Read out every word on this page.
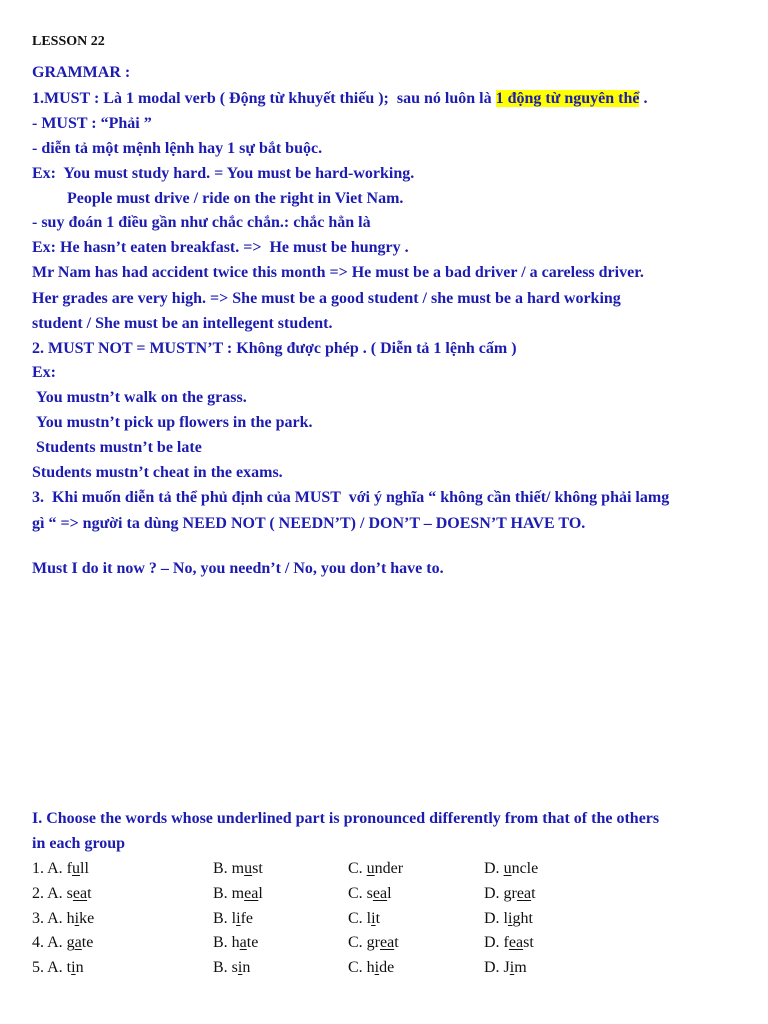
LESSON 22
GRAMMAR :
1.MUST : Là 1 modal verb ( Động từ khuyết thiếu );  sau nó luôn là 1 động từ nguyên thể .
- MUST : “Phải ”
- diễn tả một mệnh lệnh hay 1 sự bắt buộc.
Ex:  You must study hard. = You must be hard-working.
People must drive / ride on the right in Viet Nam.
- suy đoán 1 điều gần như chắc chắn.: chắc hẳn là
Ex: He hasn’t eaten breakfast. =>  He must be hungry .
Mr Nam has had accident twice this month => He must be a bad driver / a careless driver.
Her grades are very high. => She must be a good student / she must be a hard working
student / She must be an intellegent student.
2. MUST NOT = MUSTN’T : Không được phép . ( Diễn tả 1 lệnh cấm )
Ex:
You mustn’t walk on the grass.
You mustn’t pick up flowers in the park.
Students mustn’t be late
Students mustn’t cheat in the exams.
3.  Khi muốn diễn tả thể phủ định của MUST  với ý nghĩa “ không cần thiết/ không phải lamg
gì “ => người ta dùng NEED NOT ( NEEDN’T) / DON’T – DOESN’T HAVE TO.
Must I do it now ? – No, you needn’t / No, you don’t have to.
I. Choose the words whose underlined part is pronounced differently from that of the others
in each group
1. A. full	B. must	C. under	D. uncle
2. A. seat	B. meal	C. seal	D. great
3. A. hike	B. life	C. lit	D. light
4. A. gate	B. hate	C. great	D. feast
5. A. tin	B. sin	C. hide	D. Jim
